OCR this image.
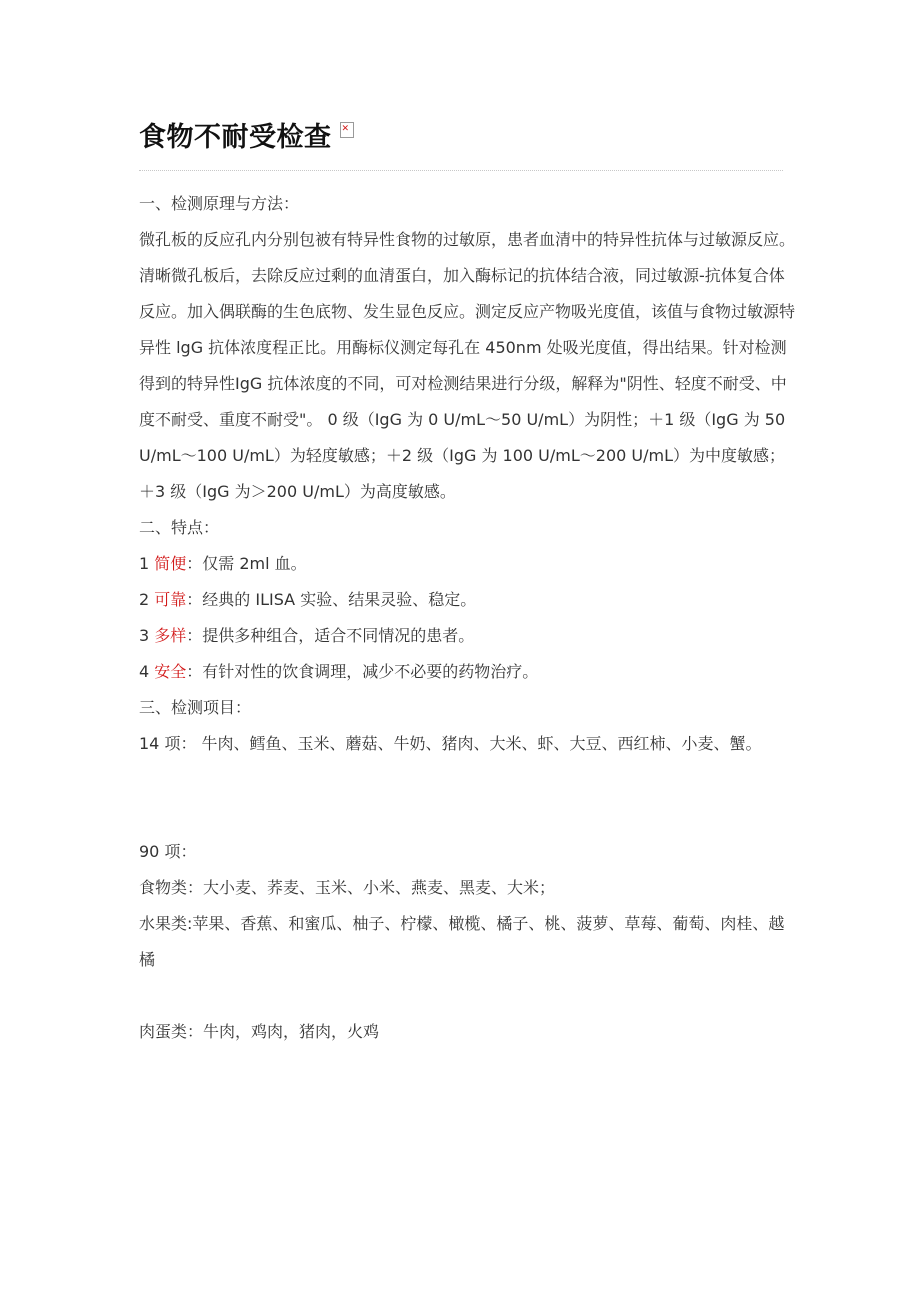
食物不耐受检查
✕

一、检测原理与方法：

微孔板的反应孔内分别包被有特异性食物的过敏原，患者血清中的特异性抗体与过敏源反应。清晰微孔板后，去除反应过剩的血清蛋白，加入酶标记的抗体结合液，同过敏源-抗体复合体反应。加入偶联酶的生色底物、发生显色反应。测定反应产物吸光度值，该值与食物过敏源特异性 lgG 抗体浓度程正比。用酶标仪测定每孔在 450nm 处吸光度值，得出结果。针对检测得到的特异性IgG 抗体浓度的不同，可对检测结果进行分级，解释为"阴性、轻度不耐受、中度不耐受、重度不耐受"。 0 级（IgG 为 0 U/mL～50 U/mL）为阴性；＋1 级（IgG 为 50 U/mL～100 U/mL）为轻度敏感；＋2 级（IgG 为 100 U/mL～200 U/mL）为中度敏感；＋3 级（IgG 为＞200 U/mL）为高度敏感。

二、特点：

1 简便：仅需 2ml 血。

2 可靠：经典的 ILISA 实验、结果灵验、稳定。

3 多样：提供多种组合，适合不同情况的患者。

4 安全：有针对性的饮食调理，减少不必要的药物治疗。

三、检测项目：

14 项： 牛肉、鳕鱼、玉米、蘑菇、牛奶、猪肉、大米、虾、大豆、西红柿、小麦、蟹。

90 项：

食物类：大小麦、荞麦、玉米、小米、燕麦、黑麦、大米；

水果类:苹果、香蕉、和蜜瓜、柚子、柠檬、橄榄、橘子、桃、菠萝、草莓、葡萄、肉桂、越橘

肉蛋类：牛肉，鸡肉，猪肉，火鸡
